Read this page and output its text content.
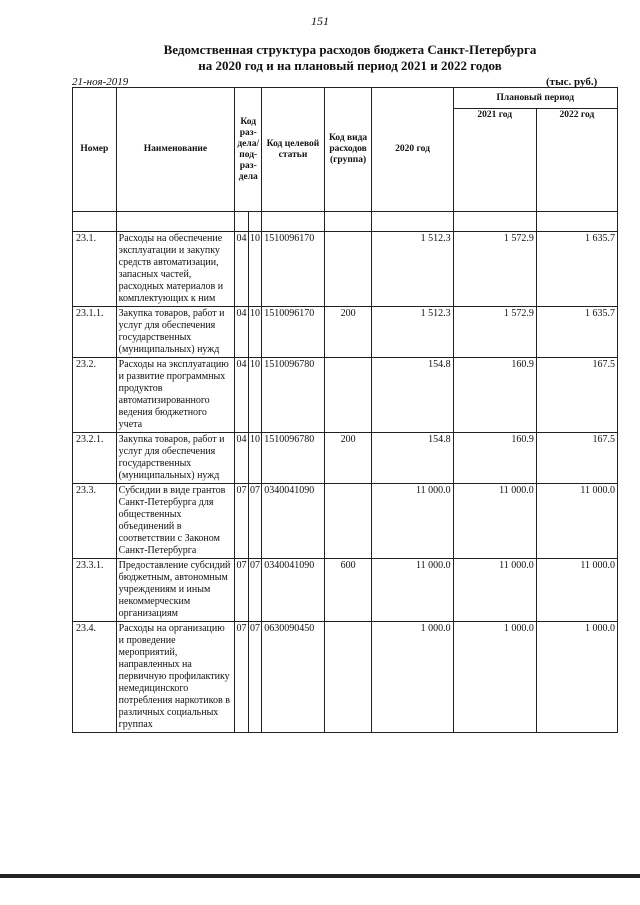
151
Ведомственная структура расходов бюджета Санкт-Петербурга
на 2020 год и на плановый период 2021 и 2022 годов
21-ноя-2019	(тыс. руб.)
Номер	Наименование	Код раз- дела/ под- раз- дела		Код целевой статьи	Код вида расходов (группа)	2020 год	Плановый период	
							2021 год	2022 год

23.1.	Расходы на обеспечение эксплуатации и закупку средств автоматизации, запасных частей, расходных материалов и комплектующих к ним	04	10	1510096170		1 512.3	1 572.9	1 635.7
23.1.1.	Закупка товаров, работ и услуг для обеспечения государственных (муниципальных) нужд	04	10	1510096170	200	1 512.3	1 572.9	1 635.7
23.2.	Расходы на эксплуатацию и развитие программных продуктов автоматизированного ведения бюджетного учета	04	10	1510096780		154.8	160.9	167.5
23.2.1.	Закупка товаров, работ и услуг для обеспечения государственных (муниципальных) нужд	04	10	1510096780	200	154.8	160.9	167.5
23.3.	Субсидии в виде грантов Санкт-Петербурга для общественных объединений в соответствии с Законом Санкт-Петербурга	07	07	0340041090		11 000.0	11 000.0	11 000.0
23.3.1.	Предоставление субсидий бюджетным, автономным учреждениям и иным некоммерческим организациям	07	07	0340041090	600	11 000.0	11 000.0	11 000.0
23.4.	Расходы на организацию и проведение мероприятий, направленных на первичную профилактику немедицинского потребления наркотиков в различных социальных группах	07	07	0630090450		1 000.0	1 000.0	1 000.0
